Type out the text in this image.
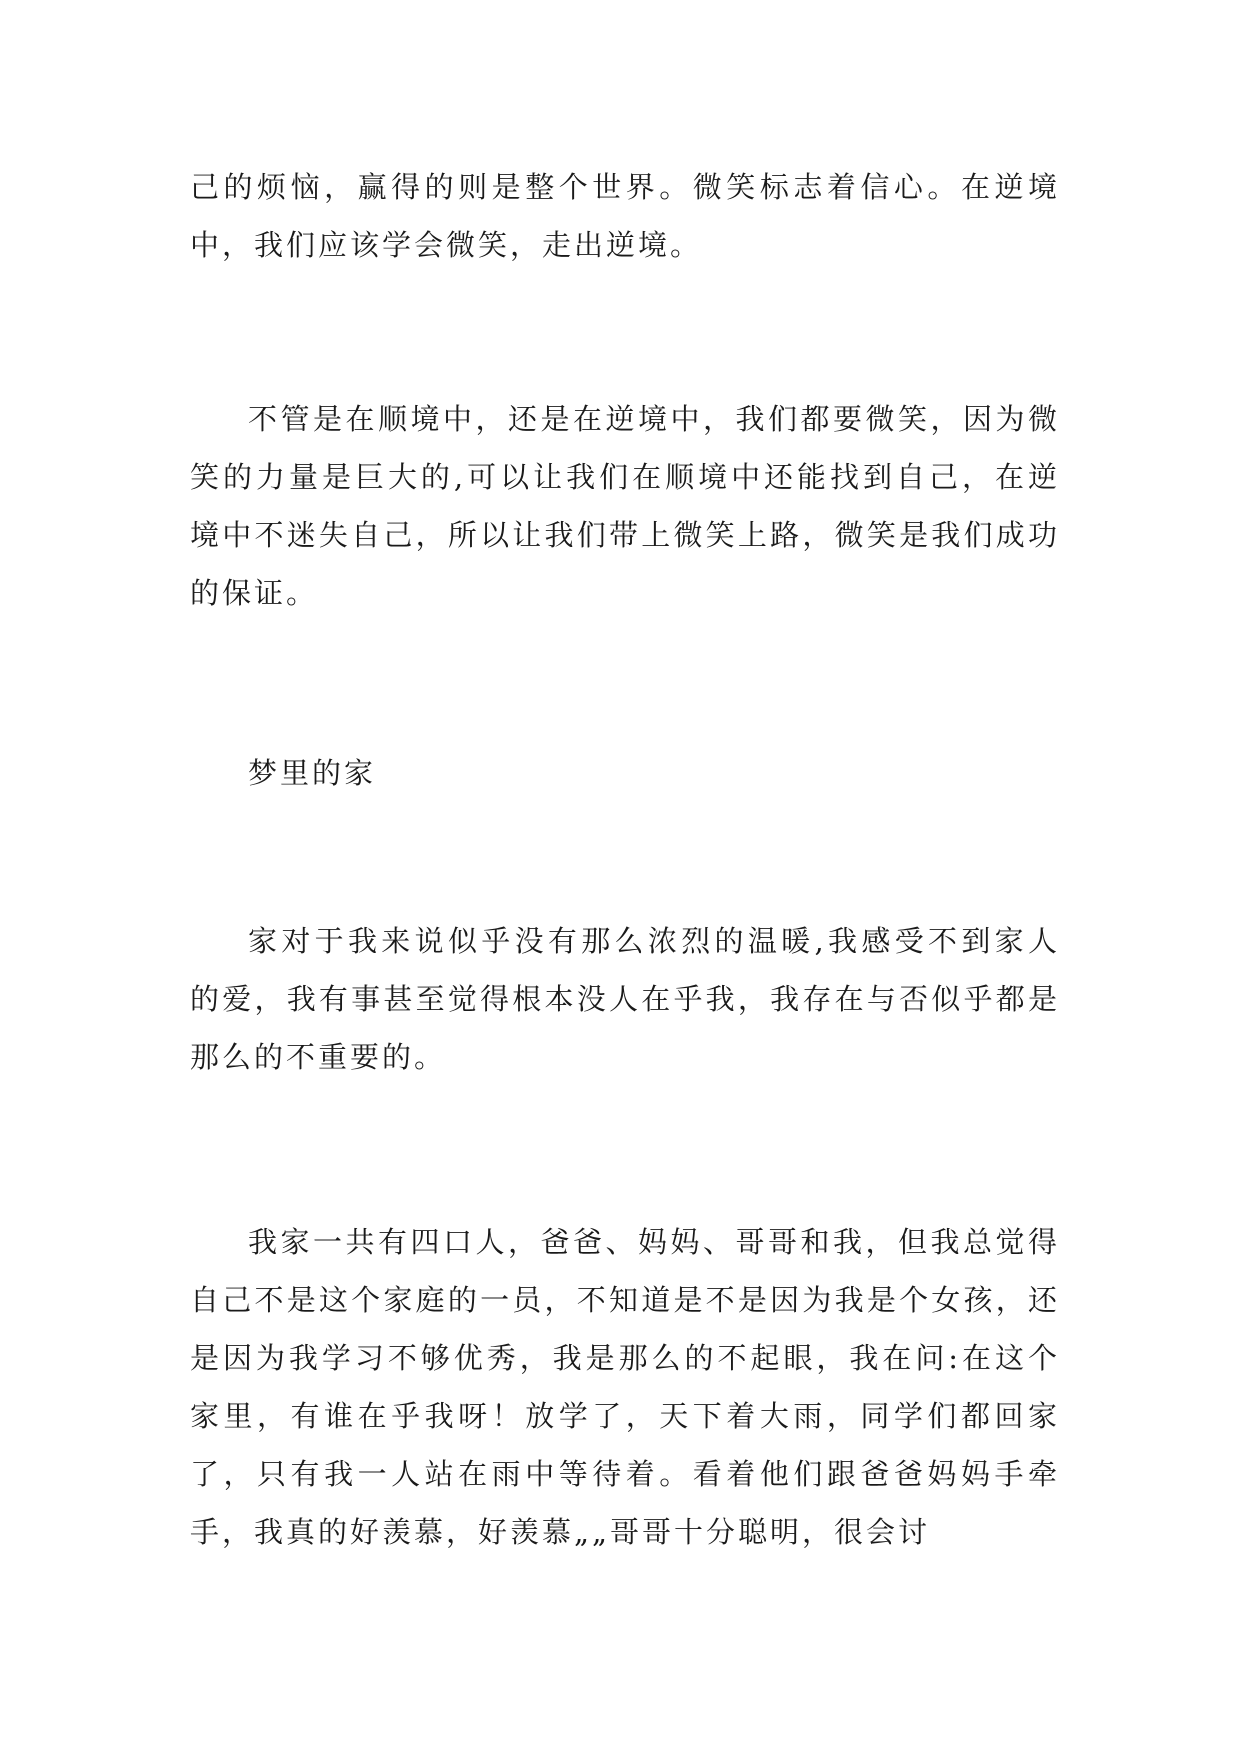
己的烦恼，赢得的则是整个世界。微笑标志着信心。在逆境中，我们应该学会微笑，走出逆境。

不管是在顺境中，还是在逆境中，我们都要微笑，因为微笑的力量是巨大的,可以让我们在顺境中还能找到自己，在逆境中不迷失自己，所以让我们带上微笑上路，微笑是我们成功的保证。

梦里的家

家对于我来说似乎没有那么浓烈的温暖,我感受不到家人的爱，我有事甚至觉得根本没人在乎我，我存在与否似乎都是那么的不重要的。

我家一共有四口人，爸爸、妈妈、哥哥和我，但我总觉得自己不是这个家庭的一员，不知道是不是因为我是个女孩，还是因为我学习不够优秀，我是那么的不起眼，我在问:在这个家里，有谁在乎我呀！放学了，天下着大雨，同学们都回家了，只有我一人站在雨中等待着。看着他们跟爸爸妈妈手牵手，我真的好羡慕，好羡慕„„哥哥十分聪明，很会讨
